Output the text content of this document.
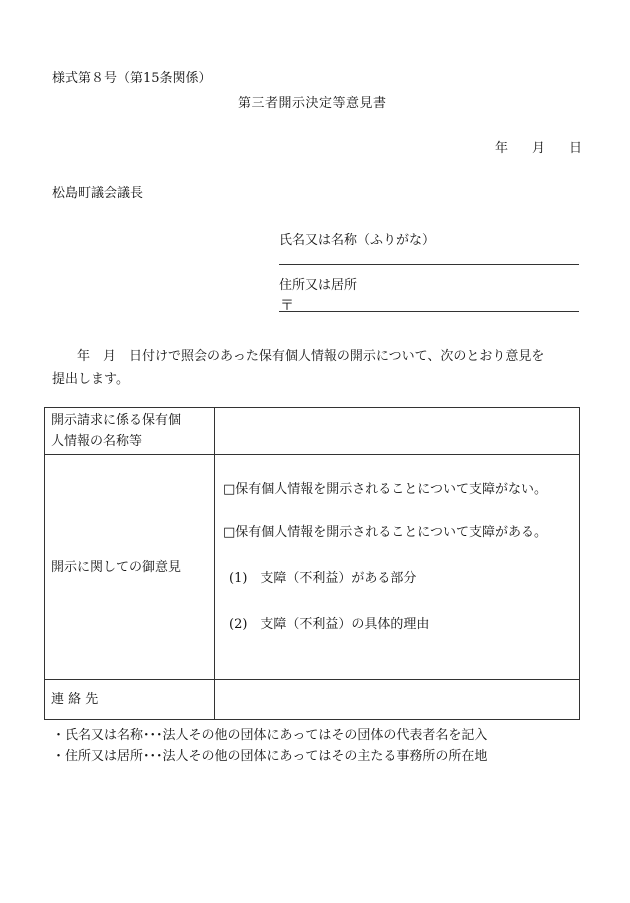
様式第８号（第15条関係）
第三者開示決定等意見書
年 月 日
松島町議会議長
氏名又は名称（ふりがな）
住所又は居所
〒
年　月　日付けで照会のあった保有個人情報の開示について、次のとおり意見を
提出します。
開示請求に係る保有個
人情報の名称等	

開示に関しての御意見	□保有個人情報を開示されることについて支障がない。
□保有個人情報を開示されることについて支障がある。
(1)　支障（不利益）がある部分
(2)　支障（不利益）の具体的理由

連 絡 先	
・氏名又は名称･･･法人その他の団体にあってはその団体の代表者名を記入
・住所又は居所･･･法人その他の団体にあってはその主たる事務所の所在地
